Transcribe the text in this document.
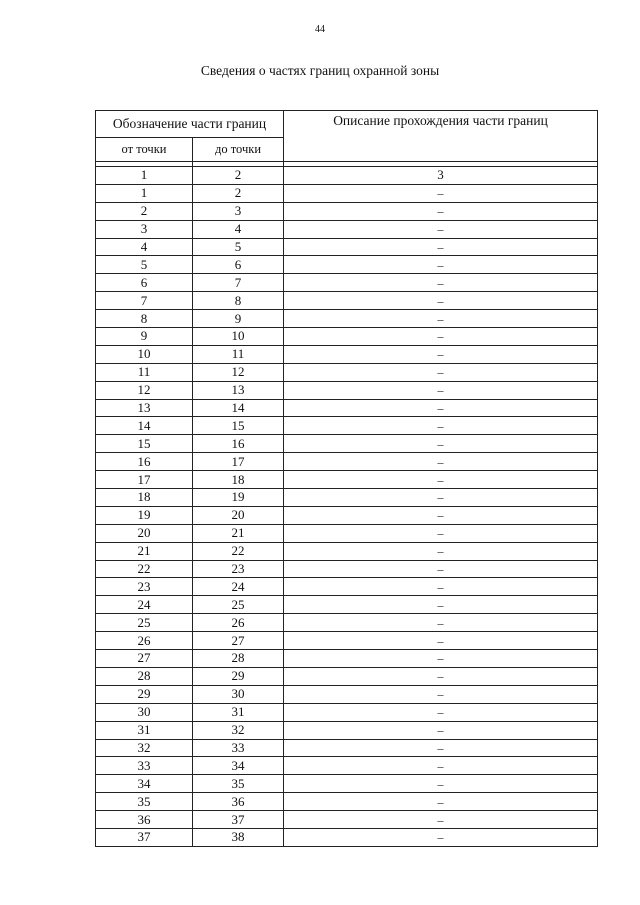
44
Сведения о частях границ охранной зоны
Обозначение части границ		Описание прохождения части границ
от точки	до точки	

1	2	3
1	2	–
2	3	–
3	4	–
4	5	–
5	6	–
6	7	–
7	8	–
8	9	–
9	10	–
10	11	–
11	12	–
12	13	–
13	14	–
14	15	–
15	16	–
16	17	–
17	18	–
18	19	–
19	20	–
20	21	–
21	22	–
22	23	–
23	24	–
24	25	–
25	26	–
26	27	–
27	28	–
28	29	–
29	30	–
30	31	–
31	32	–
32	33	–
33	34	–
34	35	–
35	36	–
36	37	–
37	38	–
